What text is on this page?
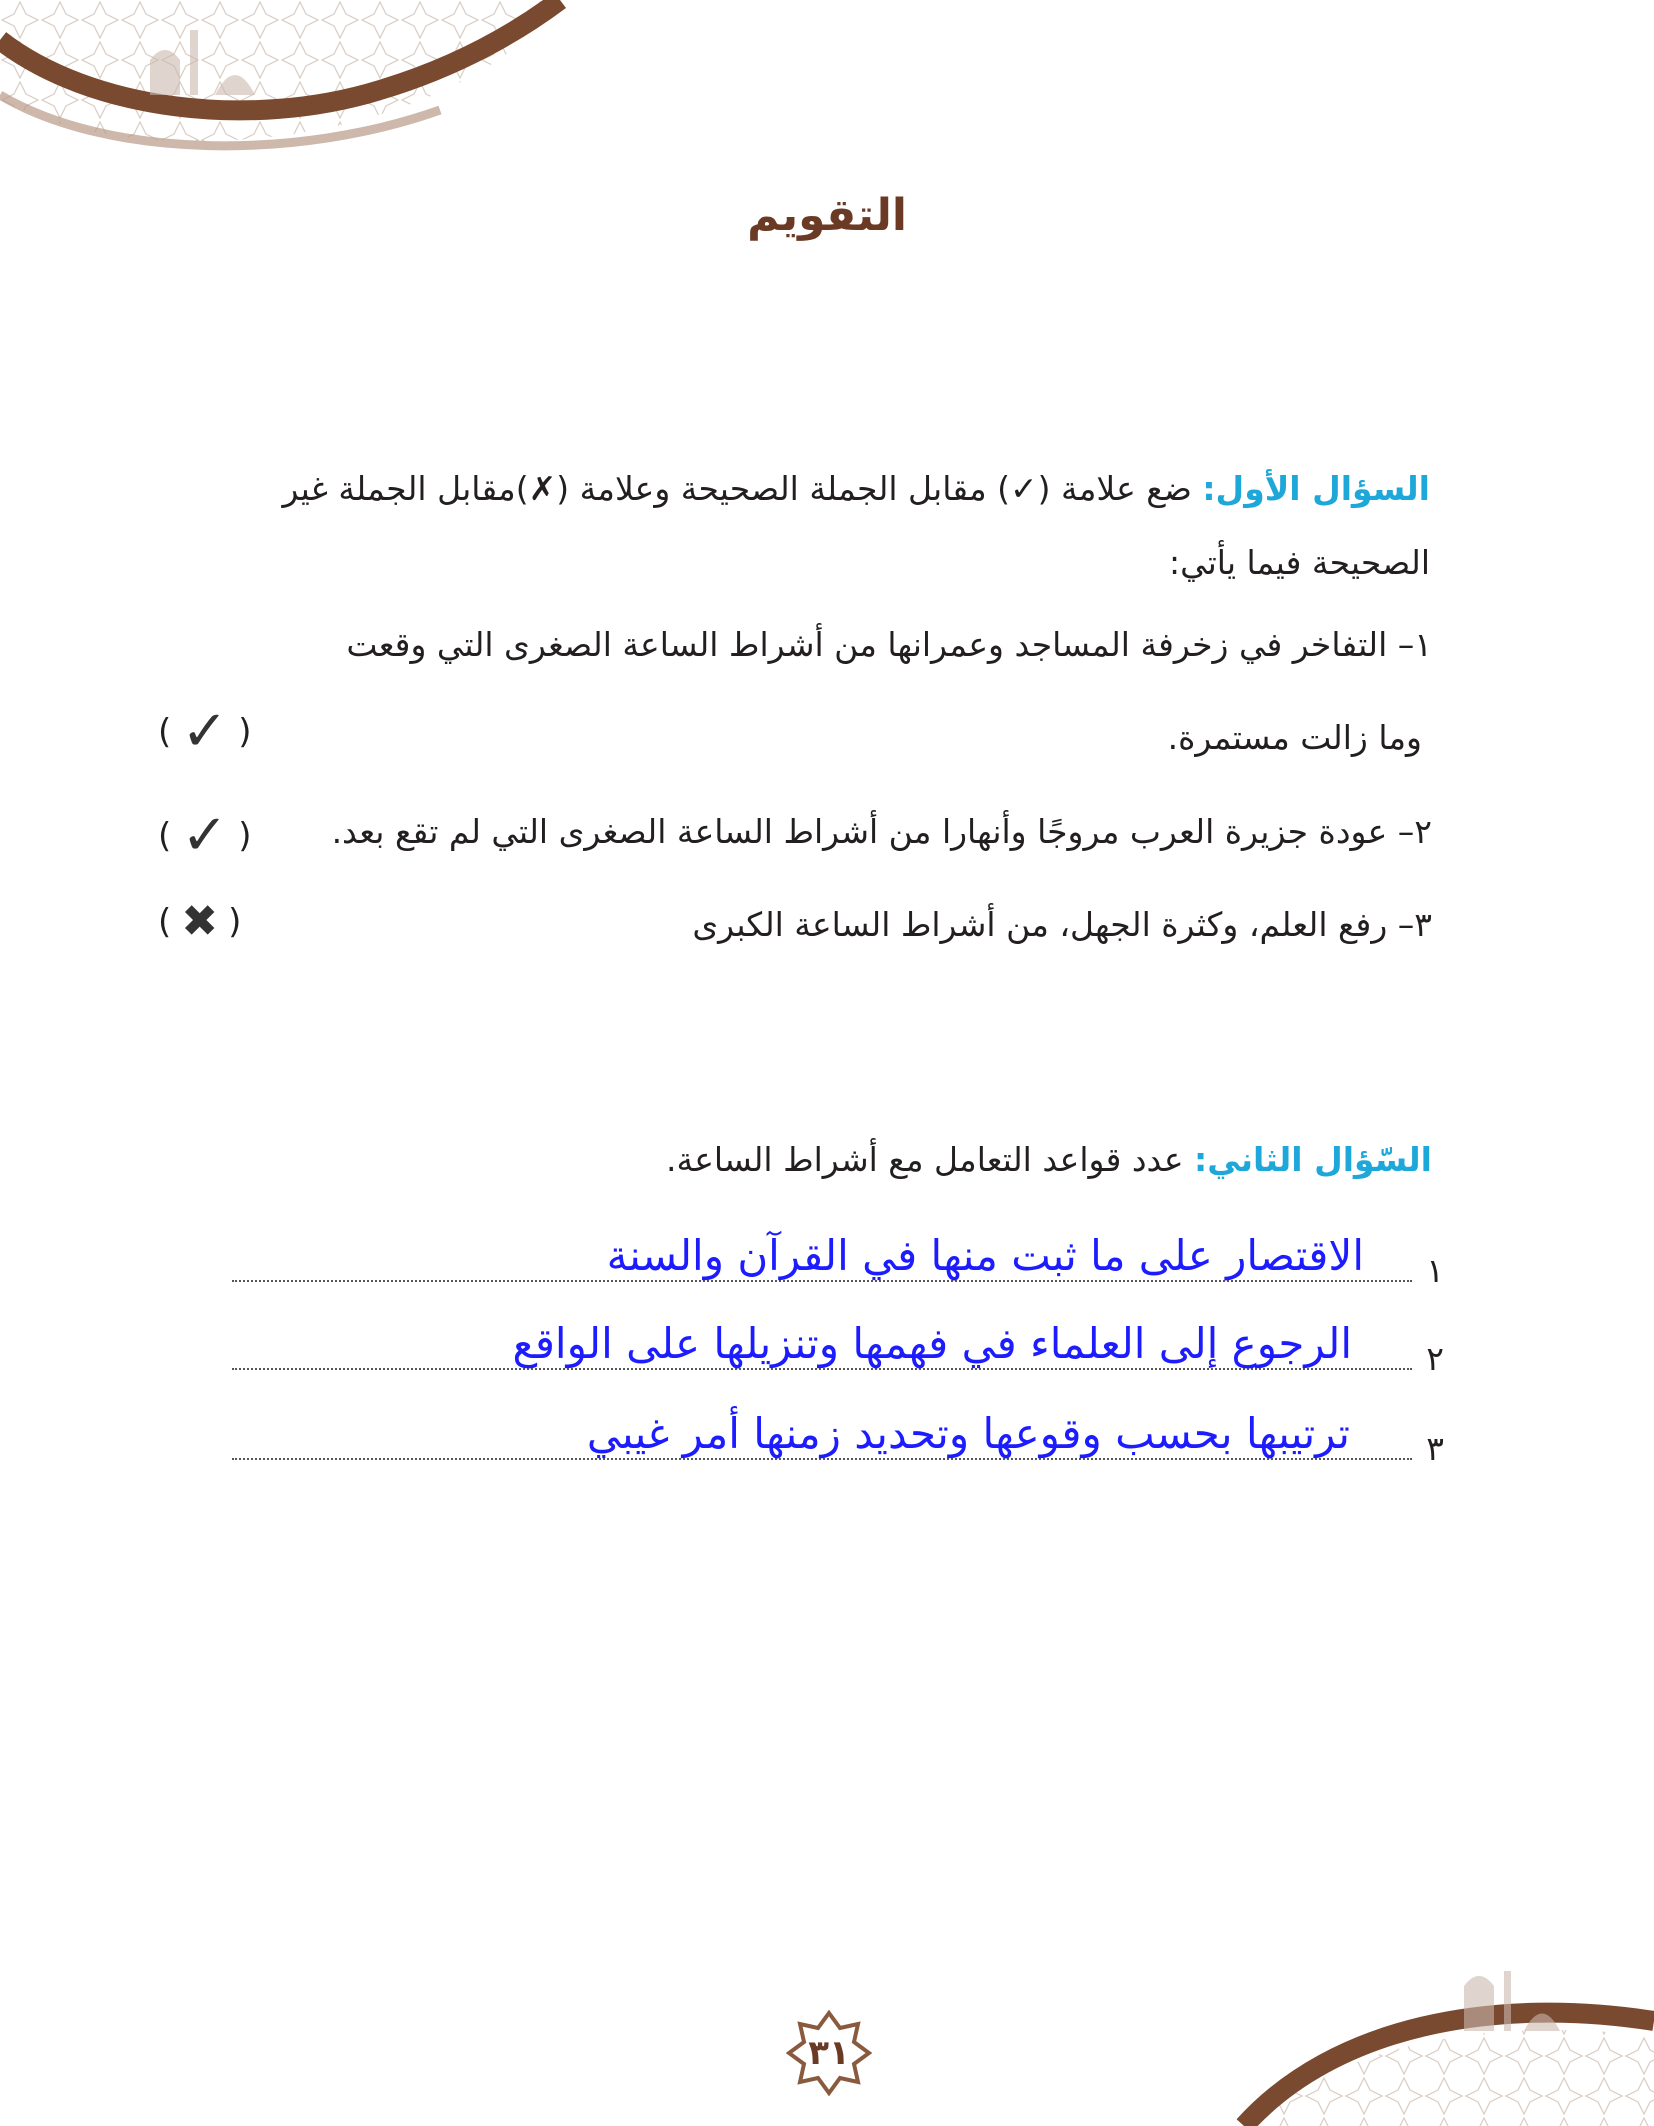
التقويم
السؤال الأول: ضع علامة (✓) مقابل الجملة الصحيحة وعلامة (✗)مقابل الجملة غير
الصحيحة فيما يأتي:
١– التفاخر في زخرفة المساجد وعمرانها من أشراط الساعة الصغرى التي وقعت
وما زالت مستمرة.
( ✓ )
٢– عودة جزيرة العرب مروجًا وأنهارا من أشراط الساعة الصغرى التي لم تقع بعد.
( ✓ )
٣– رفع العلم، وكثرة الجهل، من أشراط الساعة الكبرى
( ✖ )
السّؤال الثاني: عدد قواعد التعامل مع أشراط الساعة.
١
الاقتصار على ما ثبت منها في القرآن والسنة
٢
الرجوع إلى العلماء في فهمها وتنزيلها على الواقع
٣
ترتيبها بحسب وقوعها وتحديد زمنها أمر غيبي
٣١
